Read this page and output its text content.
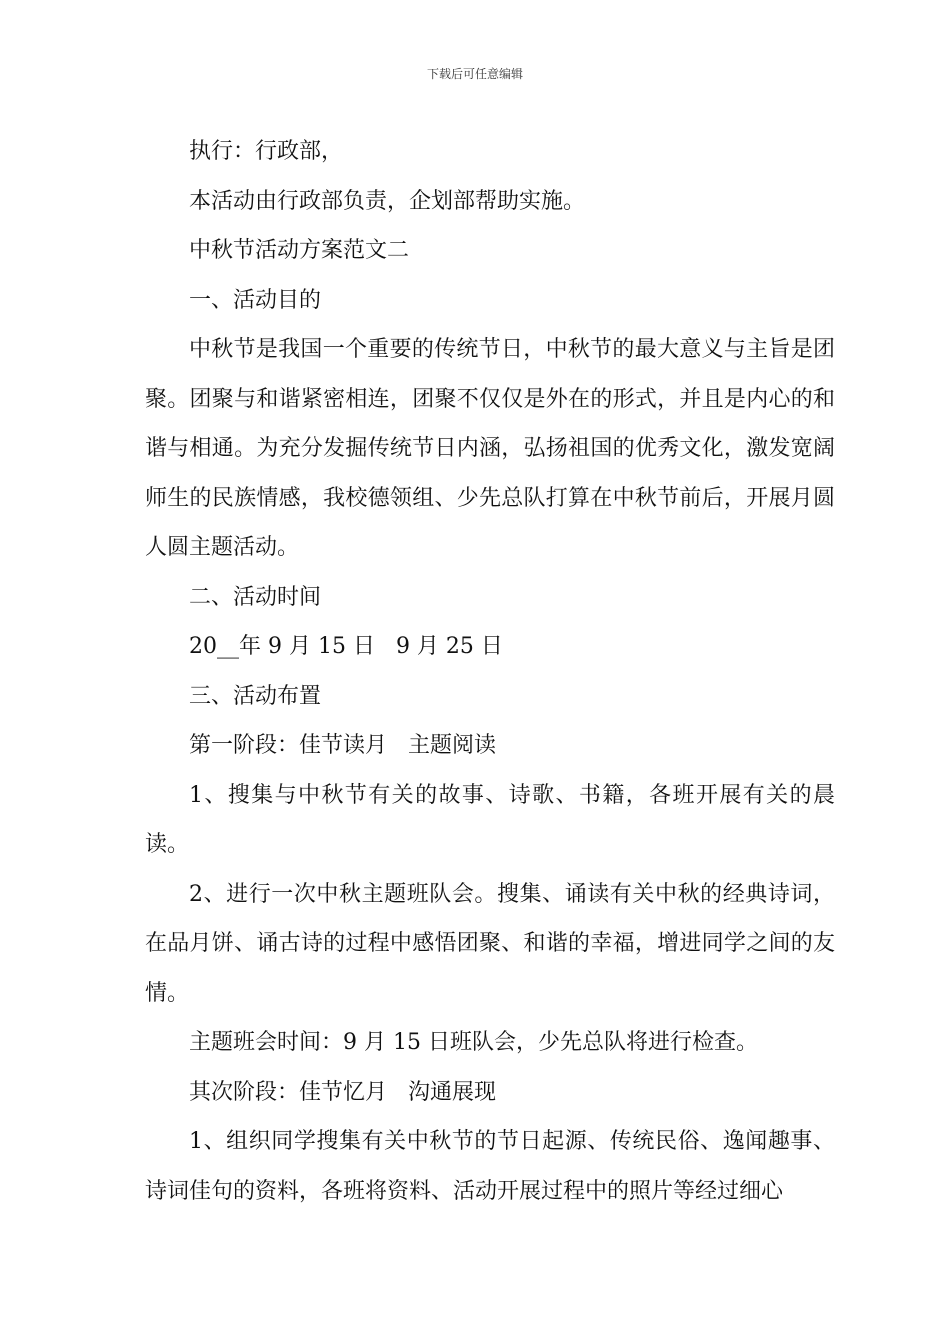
下载后可任意编辑

执行：行政部，

本活动由行政部负责，企划部帮助实施。

中秋节活动方案范文二

一、活动目的

中秋节是我国一个重要的传统节日，中秋节的最大意义与主旨是团聚。团聚与和谐紧密相连，团聚不仅仅是外在的形式，并且是内心的和谐与相通。为充分发掘传统节日内涵，弘扬祖国的优秀文化，激发宽阔师生的民族情感，我校德领组、少先总队打算在中秋节前后，开展月圆人圆主题活动。

二、活动时间

20__年 9 月 15 日   9 月 25 日

三、活动布置

第一阶段：佳节读月   主题阅读

1、搜集与中秋节有关的故事、诗歌、书籍，各班开展有关的晨读。

2、进行一次中秋主题班队会。搜集、诵读有关中秋的经典诗词，在品月饼、诵古诗的过程中感悟团聚、和谐的幸福，增进同学之间的友情。

主题班会时间：9 月 15 日班队会，少先总队将进行检查。

其次阶段：佳节忆月   沟通展现

1、组织同学搜集有关中秋节的节日起源、传统民俗、逸闻趣事、诗词佳句的资料，各班将资料、活动开展过程中的照片等经过细心
